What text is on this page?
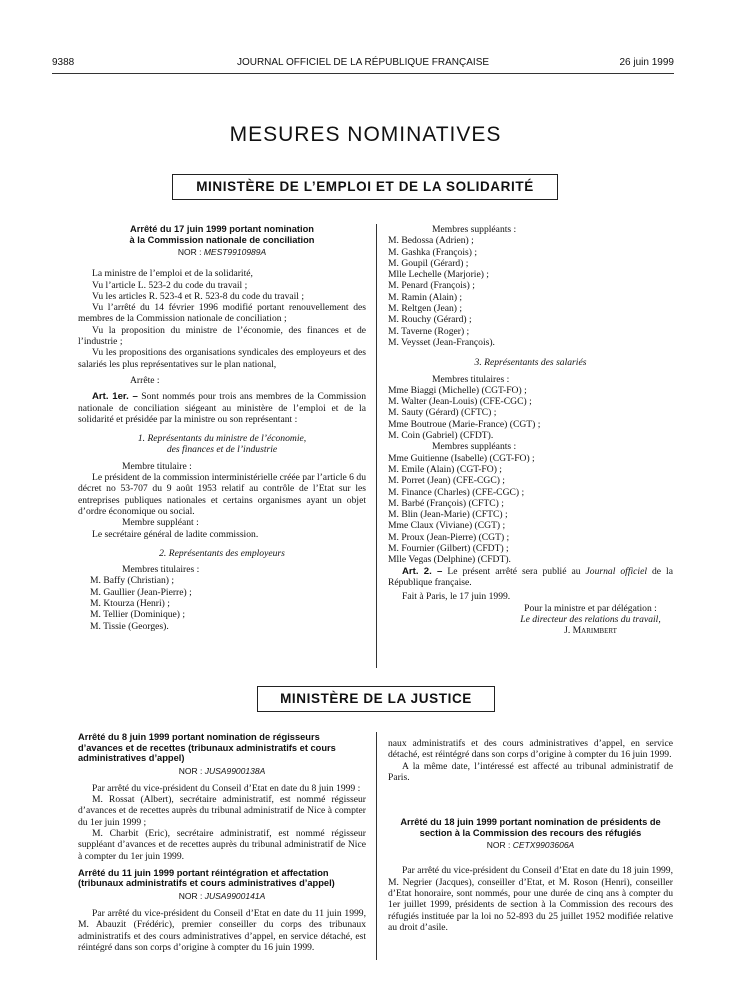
9388	JOURNAL OFFICIEL DE LA RÉPUBLIQUE FRANÇAISE	26 juin 1999
MESURES NOMINATIVES
MINISTÈRE DE L’EMPLOI ET DE LA SOLIDARITÉ

Arrêté du 17 juin 1999 portant nomination

à la Commission nationale de conciliation

NOR : MEST9910989A

La ministre de l’emploi et de la solidarité,

Vu l’article L. 523-2 du code du travail ;

Vu les articles R. 523-4 et R. 523-8 du code du travail ;

Vu l’arrêté du 14 février 1996 modifié portant renouvellement des membres de la Commission nationale de conciliation ;

Vu la proposition du ministre de l’économie, des finances et de l’industrie ;

Vu les propositions des organisations syndicales des employeurs et des salariés les plus représentatives sur le plan national,

Arrête :

Art. 1er. – Sont nommés pour trois ans membres de la Commission nationale de conciliation siégeant au ministère de l’emploi et de la solidarité et présidée par la ministre ou son représentant :

1. Représentants du ministre de l’économie,

des finances et de l’industrie

Membre titulaire :

Le président de la commission interministérielle créée par l’article 6 du décret no 53-707 du 9 août 1953 relatif au contrôle de l’Etat sur les entreprises publiques nationales et certains organismes ayant un objet d’ordre économique ou social.

Membre suppléant :

Le secrétaire général de ladite commission.

2. Représentants des employeurs

Membres titulaires :

M. Baffy (Christian) ;

M. Gaullier (Jean-Pierre) ;

M. Ktourza (Henri) ;

M. Tellier (Dominique) ;

M. Tissie (Georges).

Membres suppléants :

M. Bedossa (Adrien) ;

M. Gashka (François) ;

M. Goupil (Gérard) ;

Mlle Lechelle (Marjorie) ;

M. Penard (François) ;

M. Ramin (Alain) ;

M. Reltgen (Jean) ;

M. Rouchy (Gérard) ;

M. Taverne (Roger) ;

M. Veysset (Jean-François).

3. Représentants des salariés

Membres titulaires :

Mme Biaggi (Michelle) (CGT-FO) ;

M. Walter (Jean-Louis) (CFE-CGC) ;

M. Sauty (Gérard) (CFTC) ;

Mme Boutroue (Marie-France) (CGT) ;

M. Coin (Gabriel) (CFDT).

Membres suppléants :

Mme Guitienne (Isabelle) (CGT-FO) ;

M. Emile (Alain) (CGT-FO) ;

M. Porret (Jean) (CFE-CGC) ;

M. Finance (Charles) (CFE-CGC) ;

M. Barbé (François) (CFTC) ;

M. Blin (Jean-Marie) (CFTC) ;

Mme Claux (Viviane) (CGT) ;

M. Proux (Jean-Pierre) (CGT) ;

M. Fournier (Gilbert) (CFDT) ;

Mlle Vegas (Delphine) (CFDT).

Art. 2. – Le présent arrêté sera publié au Journal officiel de la République française.

Fait à Paris, le 17 juin 1999.

Pour la ministre et par délégation :

Le directeur des relations du travail,

J. Marimbert

MINISTÈRE DE LA JUSTICE

Arrêté du 8 juin 1999 portant nomination de régisseurs d’avances et de recettes (tribunaux administratifs et cours administratives d’appel)

NOR : JUSA9900138A

Par arrêté du vice-président du Conseil d’Etat en date du 8 juin 1999 :

M. Rossat (Albert), secrétaire administratif, est nommé régisseur d’avances et de recettes auprès du tribunal administratif de Nice à compter du 1er juin 1999 ;

M. Charbit (Eric), secrétaire administratif, est nommé régisseur suppléant d’avances et de recettes auprès du tribunal administratif de Nice à compter du 1er juin 1999.

Arrêté du 11 juin 1999 portant réintégration et affectation (tribunaux administratifs et cours administratives d’appel)

NOR : JUSA9900141A

Par arrêté du vice-président du Conseil d’Etat en date du 11 juin 1999, M. Abauzit (Frédéric), premier conseiller du corps des tribunaux administratifs et des cours administratives d’appel, en service détaché, est réintégré dans son corps d’origine à compter du 16 juin 1999.

naux administratifs et des cours administratives d’appel, en service détaché, est réintégré dans son corps d’origine à compter du 16 juin 1999.

A la même date, l’intéressé est affecté au tribunal administratif de Paris.

Arrêté du 18 juin 1999 portant nomination de présidents de section à la Commission des recours des réfugiés

NOR : CETX9903606A

Par arrêté du vice-président du Conseil d’Etat en date du 18 juin 1999, M. Negrier (Jacques), conseiller d’Etat, et M. Roson (Henri), conseiller d’Etat honoraire, sont nommés, pour une durée de cinq ans à compter du 1er juillet 1999, présidents de section à la Commission des recours des réfugiés instituée par la loi no 52-893 du 25 juillet 1952 modifiée relative au droit d’asile.
